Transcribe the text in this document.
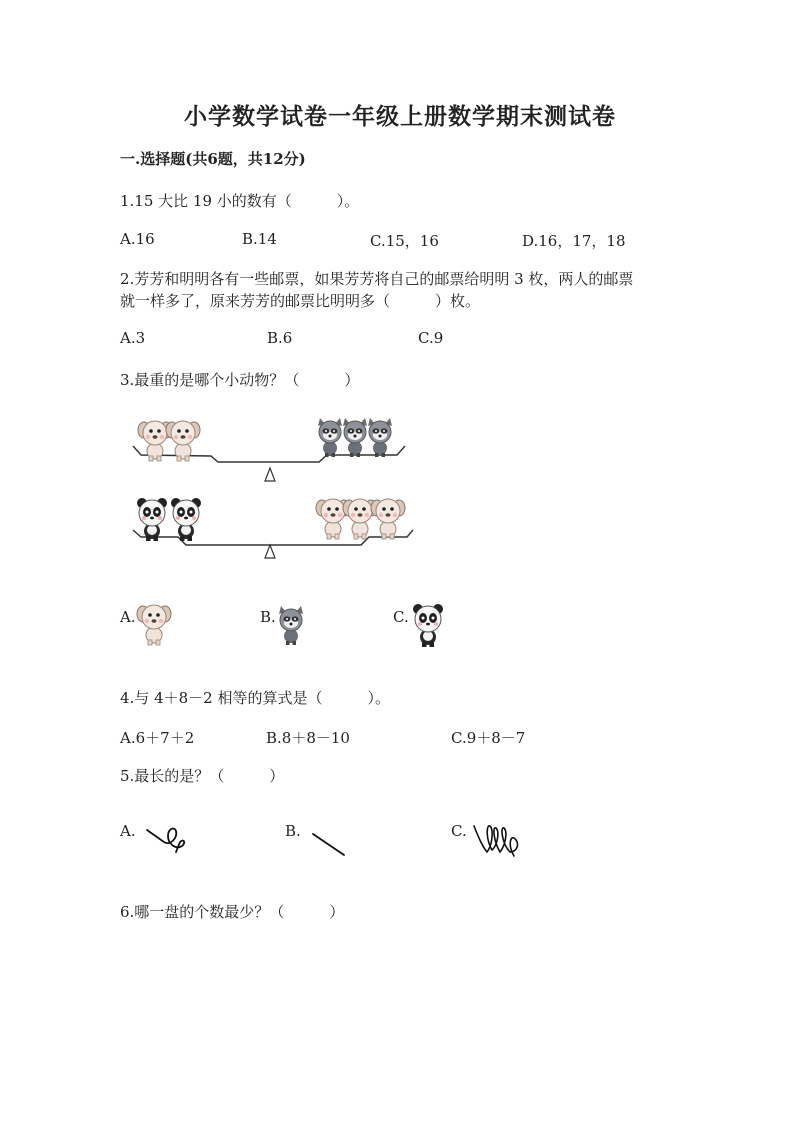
小学数学试卷一年级上册数学期末测试卷
一.选择题(共6题，共12分)
1.15 大比 19 小的数有（　　　）。
A.16	B.14	C.15，16	D.16，17，18
2.芳芳和明明各有一些邮票，如果芳芳将自己的邮票给明明 3 枚，两人的邮票
就一样多了，原来芳芳的邮票比明明多（　　　）枚。
A.3	B.6	C.9
3.最重的是哪个小动物？（　　　）
A.	B.	C.
4.与 4＋8－2 相等的算式是（　　　）。
A.6＋7＋2	B.8＋8－10	C.9＋8－7
5.最长的是？（　　　）
A.	B.	C.
6.哪一盘的个数最少？（　　　）
